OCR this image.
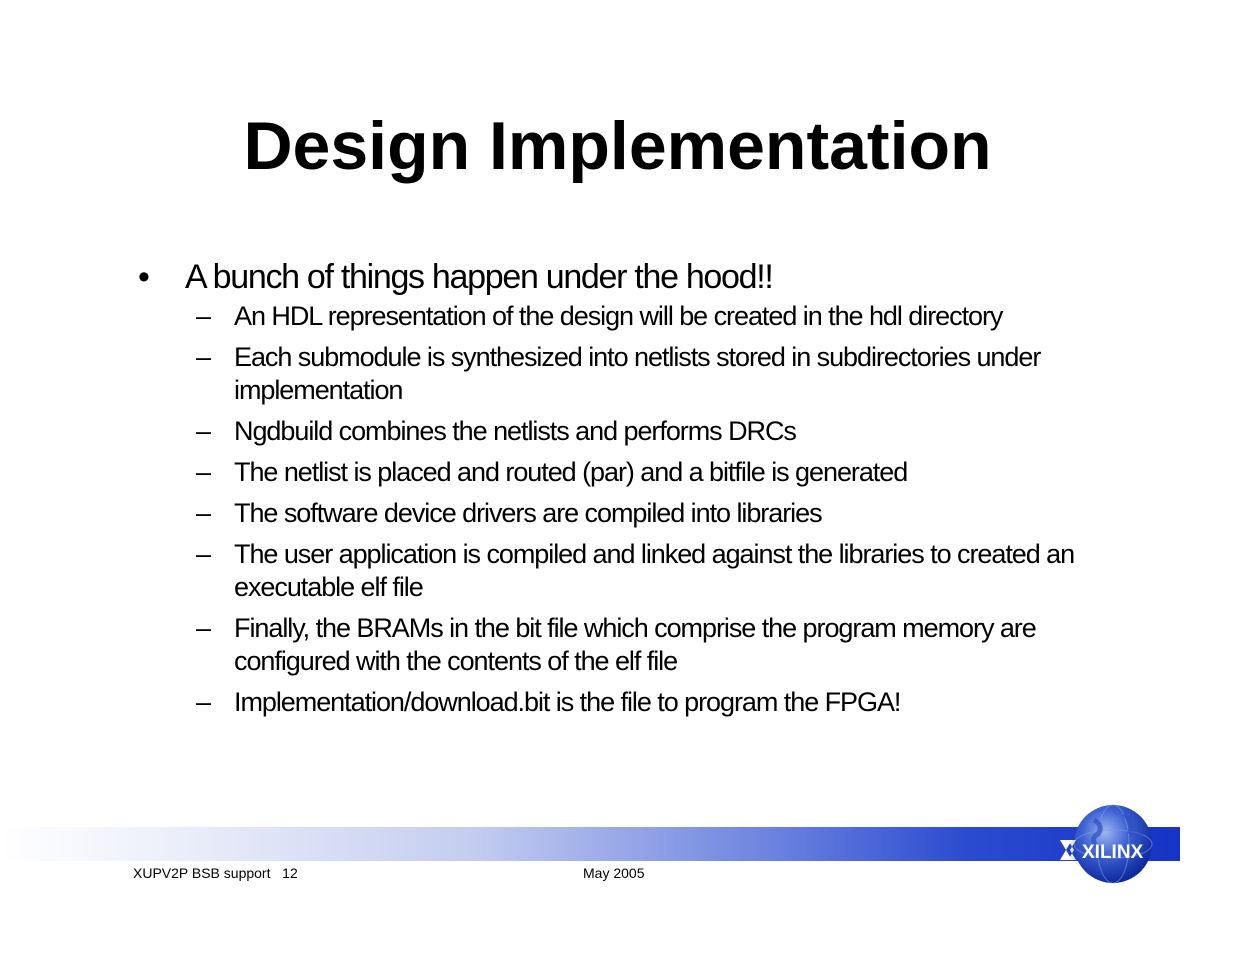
Design Implementation
• A bunch of things happen under the hood!!
– An HDL representation of the design will be created in the hdl directory
– Each submodule is synthesized into netlists stored in subdirectories under implementation
– Ngdbuild combines the netlists and performs DRCs
– The netlist is placed and routed (par) and a bitfile is generated
– The software device drivers are compiled into libraries
– The user application is compiled and linked against the libraries to created an executable elf file
– Finally, the BRAMs in the bit file which comprise the program memory are configured with the contents of the elf file
– Implementation/download.bit is the file to program the FPGA!
XUPV2P BSB support   12	May 2005
XILINX
